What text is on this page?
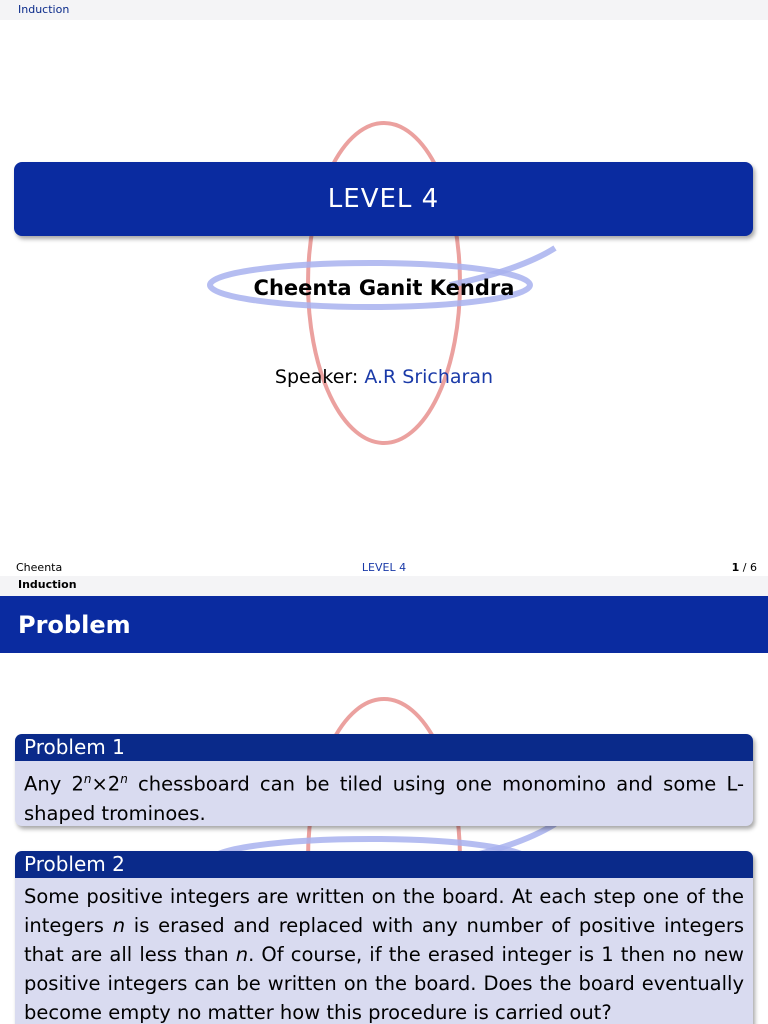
Induction
LEVEL 4
Cheenta Ganit Kendra
Speaker: A.R Sricharan
Cheenta	LEVEL 4	1 / 6
Induction
Problem
Problem 1
Any $2^n\times 2^n$ chessboard can be tiled using one monomino and some L-shaped trominoes.
Problem 2
Some positive integers are written on the board. At each step one of the integers n is erased and replaced with any number of positive integers that are all less than n. Of course, if the erased integer is 1 then no new positive integers can be written on the board. Does the board eventually become empty no matter how this procedure is carried out?
